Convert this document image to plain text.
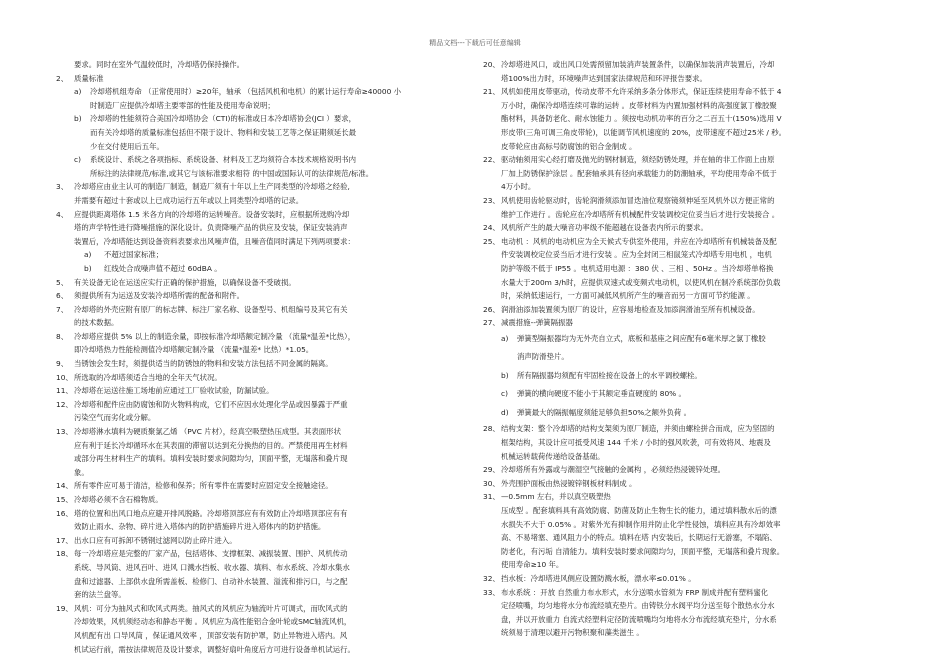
精品文档---下载后可任意编辑
要求。同时在室外气温较低时，冷却塔仍保持操作。
2、 质量标准
a) 冷却塔机组寿命 （正常使用时）≥20年，轴承 （包括风机和电机）的累计运行寿命≥40000 小
时制造厂应提供冷却塔主要零部的性能及使用寿命说明；
b) 冷却塔的性能须符合美国冷却塔协会（CTI)的标准或日本冷却塔协会(JCI ）要求，
而有关冷却塔的质量标准包括但不限于设计、物料和安装工艺等之保证期须延长最
少在交付使用后五年。
c) 系统设计、系统之各项指标、系统设备、材料及工艺均须符合本技术规格说明书内
所标注的法律规范/标准,或其它与该标准要求相符 的中国或国际认可的法律规范/标准。
3、 冷却塔应由业主认可的制造厂制造，制造厂须有十年以上生产同类型的冷却塔之经验,
并需要有超过十套或以上已成功运行五年或以上同类型冷却塔的记录。
4、 应提供距离塔体 1.5 米各方向的冷却塔的运转噪音。设备安装时，应根据所选购冷却
塔的声学特性进行降噪措施的深化设计。负责降噪产品的供应及安装，保证安装消声
装置后，冷却塔能达到设备资料表要求出风噪声值，且噪音值同时满足下列两项要求：
a) 不超过国家标准；
b) 红线处合成噪声值不超过 60dBA 。
5、 有关设备无论在运送应实行正确的保护措施，以确保设备不受破损。
6、 须提供所有为运送及安装冷却塔所需的配备和附件。
7、 冷却塔的外壳应附有原厂的标志牌、标注厂家名称、设备型号、机组编号及其它有关
的技术数据。
8、 冷却塔应提供 5% 以上的制造余量，即按标准冷却塔额定制冷量 （流量*温差*比热），
即冷却塔热力性能检测值冷却塔额定制冷量 （流量*温差* 比热）*1.05。
9、 当锈蚀会发生时，须提供适当的防锈蚀的物料和安装方法包括不同金属的隔离。
10、 所选取的冷却塔须适合当地的全年天气状况。
11、 冷却塔在运送往施工场地前应通过工厂验收试验，防漏试验。
12、 冷却塔和配件应由防腐蚀和防火物料构成，它们不应因水处理化学品或因暴露于严重
污染空气而劣化或分解。
13、 冷却塔淋水填料为硬质聚氯乙烯 （PVC 片材），经真空吸塑热压成型。其表面形状
应有利于延长冷却循环水在其表面的滞留以达到充分换热的目的。严禁使用再生材料
或部分再生材料生产的填料。填料安装时要求间隙均匀，顶面平整，无塌落和叠片现
象。
14、 所有零件应可易于清洁，检修和保养；所有零件在需要时应固定安全接触途径。
15、 冷却塔必须不含石棉物质。
16、 塔的位置和出风口地点应避开排风脱路。冷却塔顶部应有有效防止冷却塔顶部应有有
效防止雨水、杂物、碎片进入塔体内的防护措施碎片进入塔体内的防护措施。
17、 出水口应有可拆卸不锈钢过滤网以防止碎片进入。
18、 每一冷却塔应是完整的厂家产品，包括塔体、支撑框架、减振装置、围护、风机传动
系统、导风筒、进风百叶、进风 口溅水挡板、收水器、填料、布水系统、冷却水集水
盘和过滤器、上部供水盘所需盖板、检修门、自动补水装置、溢流和排污口，与之配
套的法兰盘等。
19、 风机：可分为抽风式和吹风式两类。抽风式的风机应为轴流叶片可调式，而吹风式的
冷却效果，风机须经动态和静态平衡 。风机应为高性能铝合金叶轮或SMC轴流风机，
风机配有出 口导风筒 ，保证通风效率 ，顶部安装有防护罩，防止异物进入塔内。风
机试运行前，需按法律规范及设计要求，调整好扇叶角度后方可进行设备单机试运行。
20、 冷却塔进风口，或出风口处需预留加装消声装置条件，以确保加装消声装置后，冷却
塔100%出力时，环境噪声达到国家法律规范和环评报告要求。
21、 风机如使用皮带驱动，传动皮带不允许采纳多条分体形式，保证连续使用寿命不低于 4
万小时，确保冷却塔连续可靠的运转 。皮带材料为内置加强材料的高强度氯丁橡胶聚
酯材料，具备防老化、耐水蚀能力 。须按电动机功率的百分之二百五十(150%)选用 V
形皮带(三角可调三角皮带轮)，以能调节风机速度的 20%，皮带速度不超过25米 / 秒。
皮带轮应由高标号防腐蚀的铝合金制成 。
22、 驱动轴须用实心经打磨及抛光的钢材制造，须经防锈处理，并在轴的非工作面上由原
厂加上防锈保护涂层 。配套轴承具有径向承载能力的防潮轴承，平均使用寿命不低于
4万小时。
23、 风机使用齿轮驱动时，齿轮润滑须添加冒迭油位观察镜须伸延至风机外以方便正常的
维护工作进行 。齿轮应在冷却塔所有机械配件安装调校定位妥当后才进行安装接合 。
24、 风机所产生的最大噪音功率级不能超越在设备表内所示的要求。
25、 电动机 ：风机的电动机应为全天候式专供室外使用，并应在冷却塔所有机械装备及配
件安装调校定位妥当后才进行安装 。应为全封闭三相鼠笼式冷却塔专用电机 ，电机
防护等级不低于 IP55 。电机适用电源 ：380 伏 、三相 、50Hz 。当冷却塔单格换
水量大于200m 3/h时，应提供双速式或变频式电动机，以使风机在制冷系统部份负载
时，采纳低速运行，一方面可减低风机所产生的噪音而另一方面可节约能源 。
26、 润滑油添加装置须为原厂的设计，应容易地检查及加添润滑油至所有机械设备。
27、 减震措施--弹簧隔振器
a) 弹簧型隔振器均为无外壳自立式，底板和基座之间应配有6毫米厚之氯丁橡胶
消声防滑垫片。
b) 所有隔振器均须配有牢固栓接在设备上的水平调校螺栓。
c) 弹簧的横向硬度不能小于其额定垂直硬度的 80% 。
d) 弹簧最大的隔振幅度须能足够负担50%之额外负荷 。
28、 结构支架：整个冷却塔的结构支架须为原厂制造，并须由螺栓拼合而成，应为坚固的
框架结构，其设计应可抵受风速 144 千米 / 小时的强风吹袭，可有效将风、地震及
机械运转载荷传递给设备基础。
29、 冷却塔所有外露或与潮湿空气接触的金属构 ，必须经热浸镀锌处理。
30、 外壳围护面板由热浸镀锌钢板材料制成 。
31、 —0.5mm 左右，并以真空吸塑热
压成型 。配套填料具有高效防腐、防菌及防止生物生长的能力，通过填料散水后的漂
水损失不大于 0.05% 。对紫外光有抑制作用并防止化学性侵蚀，填料应具有冷却效率
高、不易堵塞、通风阻力小的特点。填料在塔 内安装后，长期运行无游塞，不塌陷、
防老化，有污垢 自清能力。填料安装时要求间隙均匀，顶面平整，无塌落和叠片现象。
使用寿命≥10 年。
32、 挡水板：冷却塔进风侧应设置防溅水板，漂水率≤0.01% 。
33、 布水系统 ：开放 自然重力布水形式，水分送喷水管须为 FRP 制成并配有塑料蜜化
定径喷嘴，均匀地将水分布流经填充垫片。由铸铁分水阀平均分送至每个散热水分水
盘，并以开放重力 自流式经塑料定径防流喷嘴均匀地将水分布流经填充垫片，分水系
统须易于清理以避开污物积聚和藻类滋生 。
